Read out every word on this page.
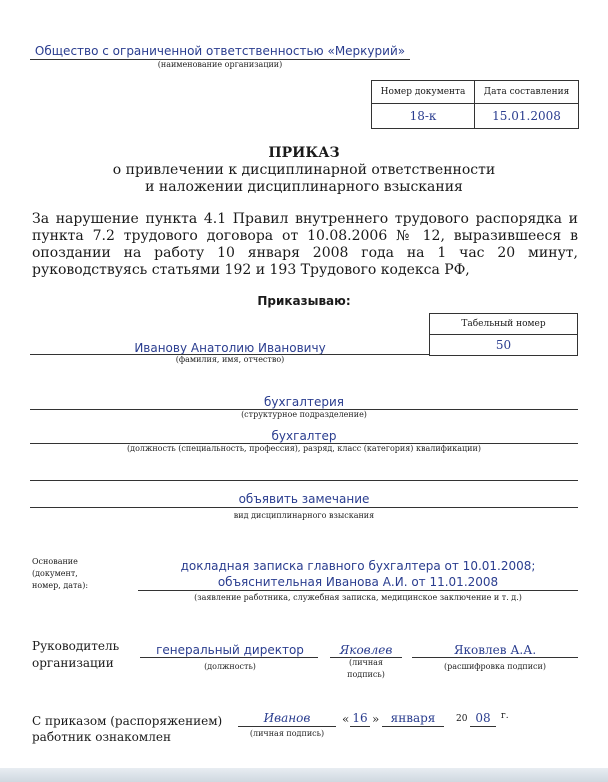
Общество с ограниченной ответственностью «Меркурий»
(наименование организации)
Номер документа	Дата составления
18-к	15.01.2008
ПРИКАЗ
о привлечении к дисциплинарной ответственности
и наложении дисциплинарного взыскания
За нарушение пункта 4.1 Правил внутреннего трудового распорядка и пункта 7.2 трудового договора от 10.08.2006 № 12, выразившееся в опоздании на работу 10 января 2008 года на 1 час 20 минут, руководствуясь статьями 192 и 193 Трудового кодекса РФ,
Приказываю:
Табельный номер
50
Иванову Анатолию Ивановичу
(фамилия, имя, отчество)
бухгалтерия
(структурное подразделение)
бухгалтер
(должность (специальность, профессия), разряд, класс (категория) квалификации)
объявить замечание
вид дисциплинарного взыскания
Основание
(документ,
номер, дата):
докладная записка главного бухгалтера от 10.01.2008;
объяснительная Иванова А.И. от 11.01.2008
(заявление работника, служебная записка, медицинское заключение и т. д.)
Руководитель
организации
генеральный директор
(должность)
Яковлев
(личная
подпись)
Яковлев А.А.
(расшифровка подписи)
С приказом (распоряжением)
работник ознакомлен
Иванов
(личная подпись)
« 16 » января	20 08	г.
